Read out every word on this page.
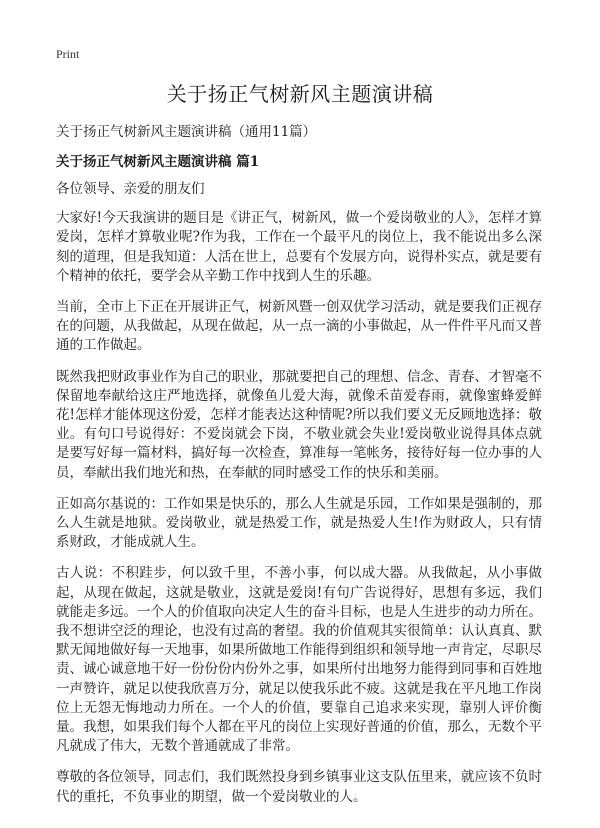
Print
关于扬正气树新风主题演讲稿
关于扬正气树新风主题演讲稿（通用11篇）
关于扬正气树新风主题演讲稿 篇1

各位领导、亲爱的朋友们

大家好!今天我演讲的题目是《讲正气，树新风，做一个爱岗敬业的人》，怎样才算爱岗，怎样才算敬业呢?作为我，工作在一个最平凡的岗位上，我不能说出多么深刻的道理，但是我知道：人活在世上，总要有个发展方向，说得朴实点，就是要有个精神的依托，要学会从辛勤工作中找到人生的乐趣。

当前，全市上下正在开展讲正气，树新风暨一创双优学习活动，就是要我们正视存在的问题，从我做起，从现在做起，从一点一滴的小事做起，从一件件平凡而又普通的工作做起。

既然我把财政事业作为自己的职业，那就要把自己的理想、信念、青春、才智毫不保留地奉献给这庄严地选择，就像鱼儿爱大海，就像禾苗爱春雨，就像蜜蜂爱鲜花!怎样才能体现这份爱，怎样才能表达这种情呢?所以我们要义无反顾地选择：敬业。有句口号说得好：不爱岗就会下岗，不敬业就会失业!爱岗敬业说得具体点就是要写好每一篇材料，搞好每一次检查，算准每一笔帐务，接待好每一位办事的人员，奉献出我们地光和热，在奉献的同时感受工作的快乐和美丽。

正如高尔基说的：工作如果是快乐的，那么人生就是乐园，工作如果是强制的，那么人生就是地狱。爱岗敬业，就是热爱工作，就是热爱人生!作为财政人，只有情系财政，才能成就人生。

古人说：不积跬步，何以致千里，不善小事，何以成大器。从我做起，从小事做起，从现在做起，这就是敬业，这就是爱岗!有句广告说得好，思想有多远，我们就能走多远。一个人的价值取向决定人生的奋斗目标，也是人生进步的动力所在。我不想讲空泛的理论，也没有过高的奢望。我的价值观其实很简单：认认真真、默默无闻地做好每一天地事，如果所做地工作能得到组织和领导地一声肯定，尽职尽责、诚心诚意地干好一份份份内份外之事，如果所付出地努力能得到同事和百姓地一声赞许，就足以使我欣喜万分，就足以使我乐此不疲。这就是我在平凡地工作岗位上无怨无悔地动力所在。一个人的价值，要靠自己追求来实现，靠别人评价衡量。我想，如果我们每个人都在平凡的岗位上实现好普通的价值，那么，无数个平凡就成了伟大，无数个普通就成了非常。

尊敬的各位领导，同志们，我们既然投身到乡镇事业这支队伍里来，就应该不负时代的重托，不负事业的期望，做一个爱岗敬业的人。
